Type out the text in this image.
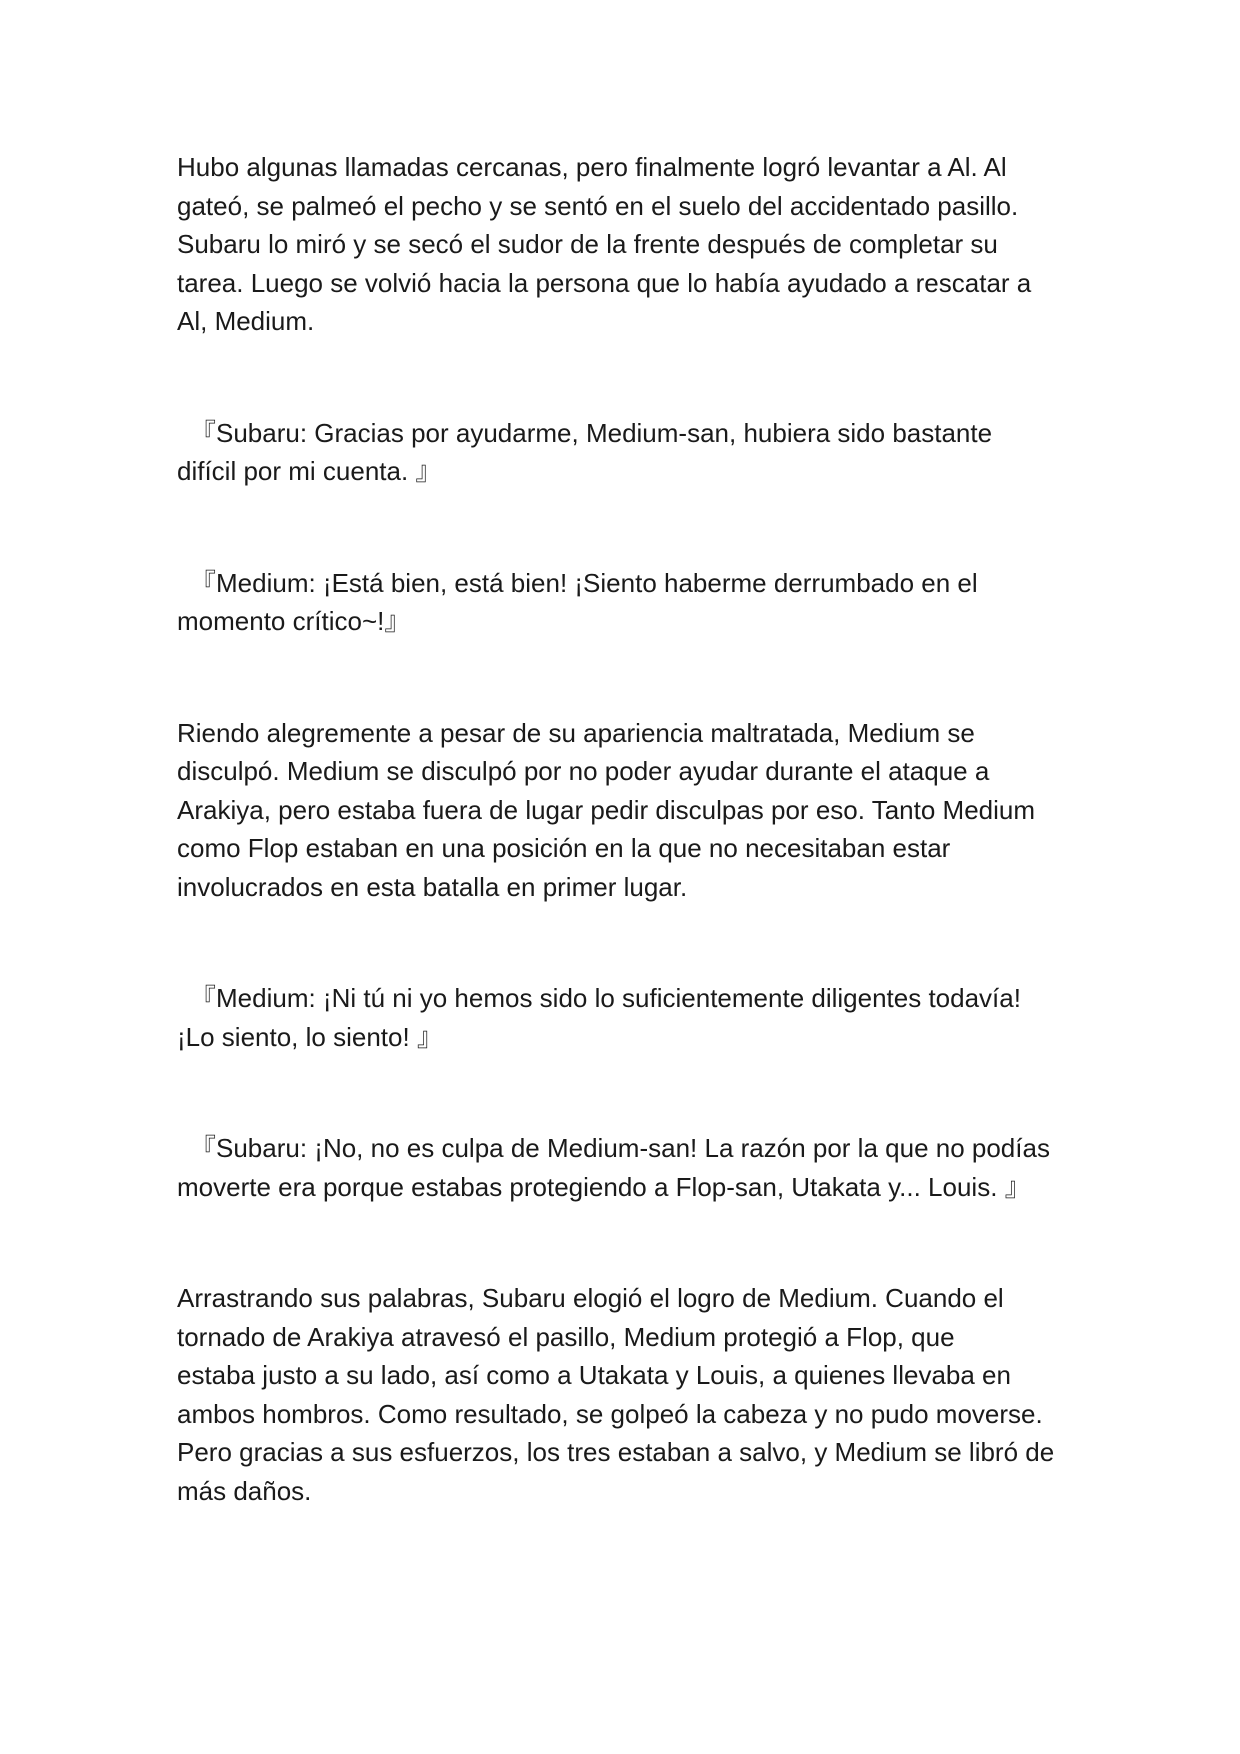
Hubo algunas llamadas cercanas, pero finalmente logró levantar a Al. Al
gateó, se palmeó el pecho y se sentó en el suelo del accidentado pasillo.
Subaru lo miró y se secó el sudor de la frente después de completar su
tarea. Luego se volvió hacia la persona que lo había ayudado a rescatar a
Al, Medium.

『Subaru: Gracias por ayudarme, Medium-san, hubiera sido bastante
difícil por mi cuenta. 』

『Medium: ¡Está bien, está bien! ¡Siento haberme derrumbado en el
momento crítico~!』

Riendo alegremente a pesar de su apariencia maltratada, Medium se
disculpó. Medium se disculpó por no poder ayudar durante el ataque a
Arakiya, pero estaba fuera de lugar pedir disculpas por eso. Tanto Medium
como Flop estaban en una posición en la que no necesitaban estar
involucrados en esta batalla en primer lugar.

『Medium: ¡Ni tú ni yo hemos sido lo suficientemente diligentes todavía!
¡Lo siento, lo siento! 』

『Subaru: ¡No, no es culpa de Medium-san! La razón por la que no podías
moverte era porque estabas protegiendo a Flop-san, Utakata y... Louis. 』

Arrastrando sus palabras, Subaru elogió el logro de Medium. Cuando el
tornado de Arakiya atravesó el pasillo, Medium protegió a Flop, que
estaba justo a su lado, así como a Utakata y Louis, a quienes llevaba en
ambos hombros. Como resultado, se golpeó la cabeza y no pudo moverse.
Pero gracias a sus esfuerzos, los tres estaban a salvo, y Medium se libró de
más daños.
